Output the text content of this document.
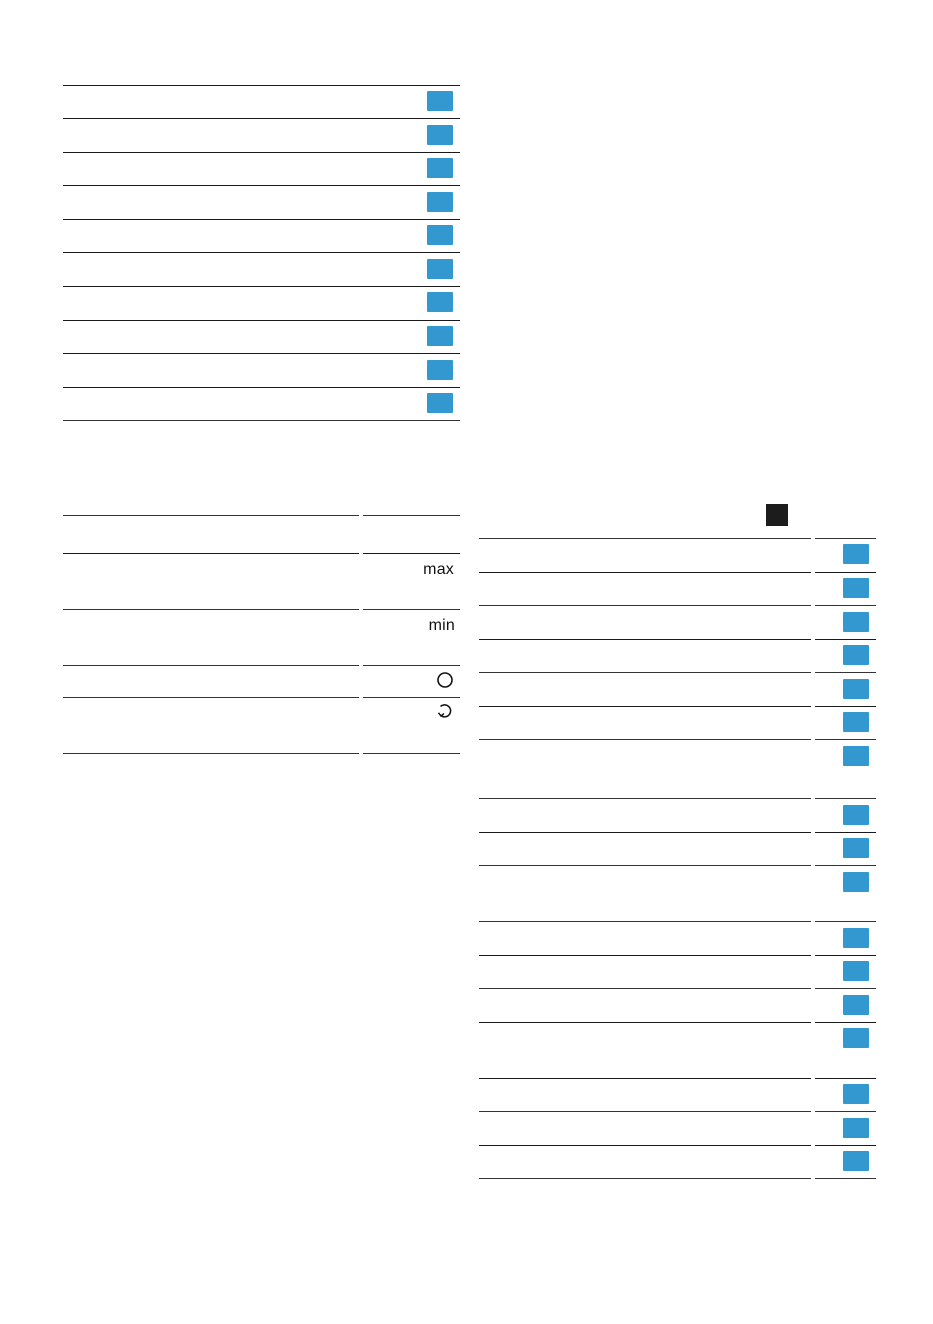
max
min
